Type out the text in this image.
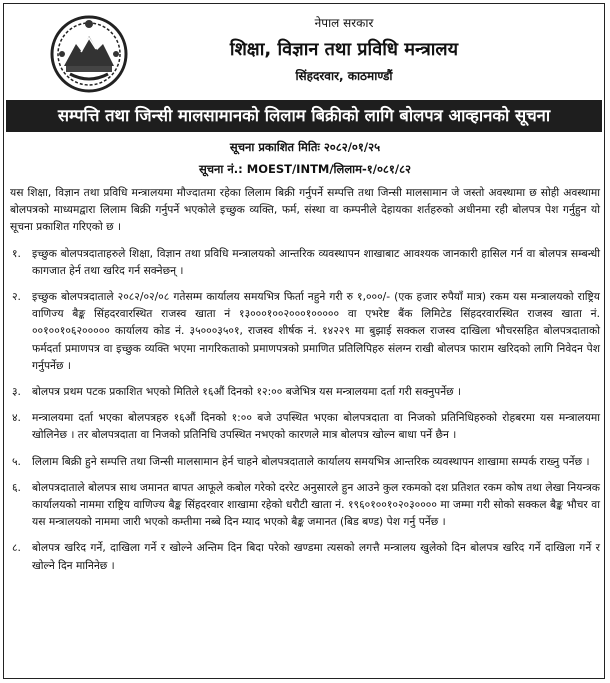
नेपाल सरकार
शिक्षा, विज्ञान तथा प्रविधि मन्त्रालय
सिंहदरवार, काठमाण्डौं
सम्पत्ति तथा जिन्सी मालसामानको लिलाम बिक्रीको लागि बोलपत्र आव्हानको सूचना
सूचना प्रकाशित मितिः २०८२/०१/२५
सूचना नं.: MOEST/INTM/लिलाम-१/०८१/८२
यस शिक्षा, विज्ञान तथा प्रविधि मन्त्रालयमा मौज्दातमा रहेका लिलाम बिक्री गर्नुपर्ने सम्पत्ति तथा जिन्सी मालसामान जे जस्तो अवस्थामा छ सोही अवस्थामा बोलपत्रको माध्यमद्वारा लिलाम बिक्री गर्नुपर्ने भएकोले इच्छुक व्यक्ति, फर्म, संस्था वा कम्पनीले देहायका शर्तहरुको अधीनमा रही बोलपत्र पेश गर्नुहुन यो सूचना प्रकाशित गरिएको छ ।
१. इच्छुक बोलपत्रदाताहरुले शिक्षा, विज्ञान तथा प्रविधि मन्त्रालयको आन्तरिक व्यवस्थापन शाखाबाट आवश्यक जानकारी हासिल गर्न वा बोलपत्र सम्बन्धी कागजात हेर्न तथा खरिद गर्न सक्नेछन् ।
२. इच्छुक बोलपत्रदाताले २०८२/०२/०८ गतेसम्म कार्यालय समयभित्र फिर्ता नहुने गरी रु १,०००/- (एक हजार रुपैयाँ मात्र) रकम यस मन्त्रालयको राष्ट्रिय वाणिज्य बैङ्क सिंहदरवारस्थित राजस्व खाता नं १३०००१००२०००१००००० वा एभरेष्ट बैंक लिमिटेड सिंहदरवारस्थित राजस्व खाता नं. ००१००१०६२००००० कार्यालय कोड नं. ३५०००३५०१, राजस्व शीर्षक नं. १४२२९ मा बुझाई सक्कल राजस्व दाखिला भौचरसहित बोलपत्रदाताको फर्मदर्ता प्रमाणपत्र वा इच्छुक व्यक्ति भएमा नागरिकताको प्रमाणपत्रको प्रमाणित प्रतिलिपिहरु संलग्न राखी बोलपत्र फाराम खरिदको लागि निवेदन पेश गर्नुपर्नेछ ।
३. बोलपत्र प्रथम पटक प्रकाशित भएको मितिले १६औं दिनको १२:०० बजेभित्र यस मन्त्रालयमा दर्ता गरी सक्नुपर्नेछ ।
४. मन्त्रालयमा दर्ता भएका बोलपत्रहरु १६औं दिनको १:०० बजे उपस्थित भएका बोलपत्रदाता वा निजको प्रतिनिधिहरुको रोहबरमा यस मन्त्रालयमा खोलिनेछ । तर बोलपत्रदाता वा निजको प्रतिनिधि उपस्थित नभएको कारणले मात्र बोलपत्र खोल्न बाधा पर्ने छैन ।
५. लिलाम बिक्री हुने सम्पत्ति तथा जिन्सी मालसामान हेर्न चाहने बोलपत्रदाताले कार्यालय समयभित्र आन्तरिक व्यवस्थापन शाखामा सम्पर्क राख्नु पर्नेछ ।
६. बोलपत्रदाताले बोलपत्र साथ जमानत बापत आफूले कबोल गरेको दररेट अनुसारले हुन आउने कुल रकमको दश प्रतिशत रकम कोष तथा लेखा नियन्त्रक कार्यालयको नाममा राष्ट्रिय वाणिज्य बैङ्क सिंहदरवार शाखामा रहेको धरौटी खाता नं. १९६०१००१०२०३०००० मा जम्मा गरी सोको सक्कल बैङ्क भौचर वा यस मन्त्रालयको नाममा जारी भएको कम्तीमा नब्बे दिन म्याद भएको बैङ्क जमानत (बिड बण्ड) पेश गर्नु पर्नेछ ।
८. बोलपत्र खरिद गर्ने, दाखिला गर्ने र खोल्ने अन्तिम दिन बिदा परेको खण्डमा त्यसको लगत्तै मन्त्रालय खुलेको दिन बोलपत्र खरिद गर्ने दाखिला गर्ने र खोल्ने दिन मानिनेछ ।
